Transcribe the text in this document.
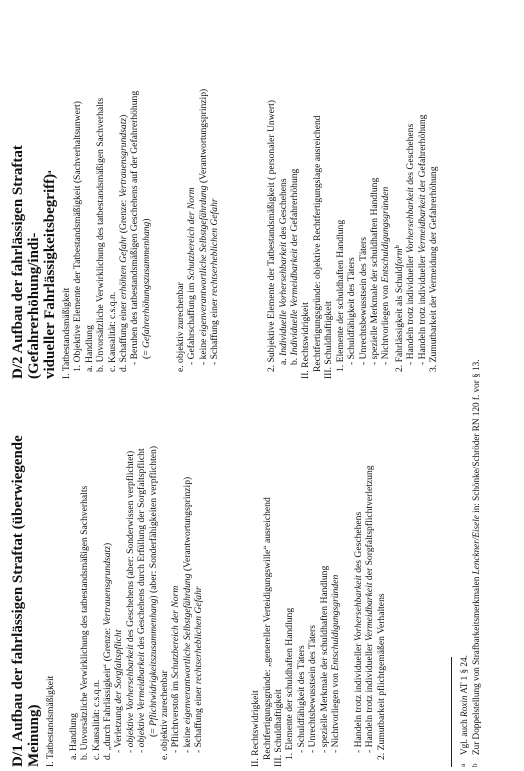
D/1 Aufbau der fahrlässigen Straftat (überwiegende Meinung) I. Tatbestandsmäßigkeit a. Handlung b. Unvorsätzliche Verwirklichung des tatbestandsmäßigen Sachverhalts c. Kausalität: c.s.q.n. d. „durch Fahrlässigkeit“ (Grenze: Vertrauensgrundsatz)
- Verletzung der Sorgfaltspflicht
- objektive Vorhersehbarkeit des Geschehens (aber: Sonderwissen verpflichtet)
- objektive Vermeidbarkeit des Geschehens durch Erfüllung der Sorgfaltspflicht
(= Pflichtwidrigkeitszusammenhang) (aber: Sonderfähigkeiten verpflichten)
e. objektiv zurechenbar - Pflichtverstoß im Schutzbereich der Norm
- keine eigenverantwortliche Selbstgefährdung (Verantwortungsprinzip)
- Schaffung einer rechtserheblichen Gefahr
II. Rechtswidrigkeit Rechtfertigungsgründe: „genereller Verteidigungswille“ ausreichend III. Schuldhaftigkeit 1. Elemente der schuldhaften Handlung - Schuldfähigkeit des Täters - Unrechtsbewusstsein des Täters - spezielle Merkmale der schuldhaften Handlung - Nichtvorliegen von Entschuldigungsgründen
- Handeln trotz individueller Vorhersehbarkeit des Geschehens
- Handeln trotz individueller Vermeidbarkeit der Sorgfaltspflichtverletzung
2. Zumutbarkeit pflichtgemäßen Verhaltens
D/2 Aufbau der fahrlässigen Straftat (Gefahrerhöhung/indi- vidueller Fahrlässigkeitsbegriff)$^a$
I. Tatbestandsmäßigkeit 1. Objektive Elemente der Tatbestandsmäßigkeit (Sachverhaltsunwert) a. Handlung b. Unvorsätzliche Verwirklichung des tatbestandsmäßigen Sachverhalts c. Kausalität: c.s.q.n. d. Schaffung einer erhöhten Gefahr (Grenze: Vertrauensgrundsatz) - Beruhen des tatbestandsmäßigen Geschehens auf der Gefahrerhöhung (= Gefahrerhöhungszusammenhang)
e. objektiv zurechenbar - Gefahrschaffung im Schutzbereich der Norm
- keine eigenverantwortliche Selbstgefährdung (Verantwortungsprinzip)
- Schaffung einer rechtserheblichen Gefahr	2. Subjektive Elemente der Tatbestandsmäßigkeit ( personaler Unwert) a. Individuelle Vorhersehbarkeit des Geschehens
b. Individuelle Vermeidbarkeit der Gefahrerhöhung
II. Rechtswidrigkeit Rechtfertigungsgründe: objektive Rechtfertigungslage ausreichend III. Schuldhaftigkeit 1. Elemente der schuldhaften Handlung - Schuldfähigkeit des Täters - Unrechtsbewusstsein des Täters - spezielle Merkmale der schuldhaften Handlung - Nichtvorliegen von Entschuldigungsgründen
2. Fahrlässigkeit als Schuldform$^b$
- Handeln trotz individueller Vorhersehbarkeit des Geschehens
- Handeln trotz individueller Vermeidbarkeit der Gefahrerhöhung
3. Zumutbarkeit der Vermeidung der Gefahrerhöhung
aVgl. auch Roxin AT 1 § 24.
bZur Doppelstellung von Strafbarkeitsmerkmalen Lenckner/Eisele in: Schönke/Schröder RN 120 f. vor § 13.
